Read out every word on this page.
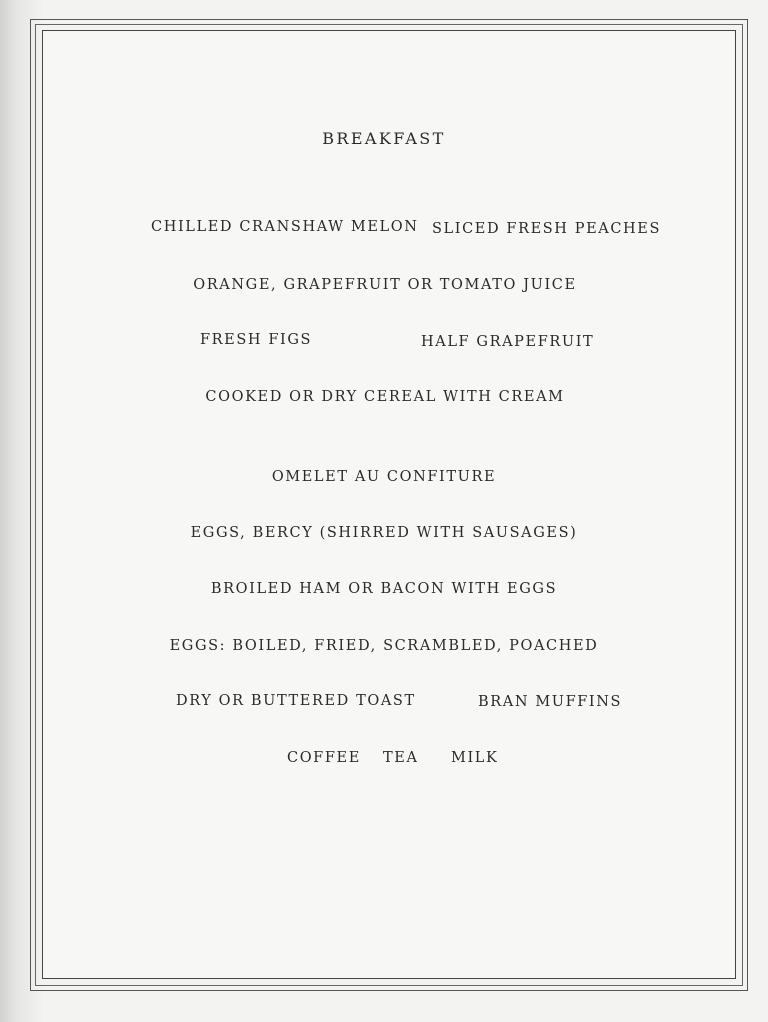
BREAKFAST
CHILLED CRANSHAW MELON SLICED FRESH PEACHES
ORANGE, GRAPEFRUIT OR TOMATO JUICE
FRESH FIGS	HALF GRAPEFRUIT
COOKED OR DRY CEREAL WITH CREAM
OMELET AU CONFITURE
EGGS, BERCY (SHIRRED WITH SAUSAGES)
BROILED HAM OR BACON WITH EGGS
EGGS: BOILED, FRIED, SCRAMBLED, POACHED
DRY OR BUTTERED TOAST	BRAN MUFFINS
COFFEE TEA MILK
